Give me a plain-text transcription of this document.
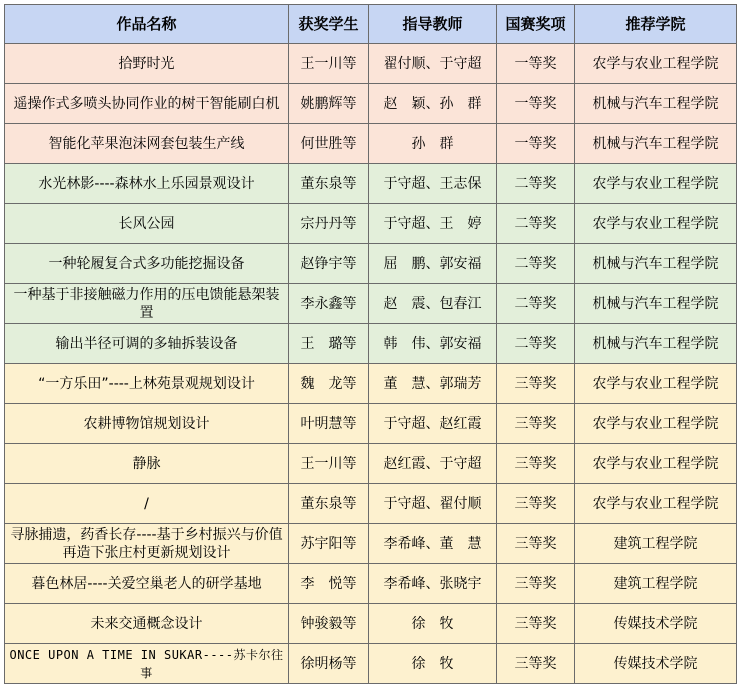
作品名称	获奖学生	指导教师	国赛奖项	推荐学院
拾野时光	王一川等	翟付顺、于守超	一等奖	农学与农业工程学院
遥操作式多喷头协同作业的树干智能刷白机	姚鹏辉等	赵　颖、孙　群	一等奖	机械与汽车工程学院
智能化苹果泡沫网套包装生产线	何世胜等	孙　群	一等奖	机械与汽车工程学院
水光林影----森林水上乐园景观设计	董东泉等	于守超、王志保	二等奖	农学与农业工程学院
长风公园	宗丹丹等	于守超、王　婷	二等奖	农学与农业工程学院
一种轮履复合式多功能挖掘设备	赵铮宇等	屈　鹏、郭安福	二等奖	机械与汽车工程学院
一种基于非接触磁力作用的压电馈能悬架装置	李永鑫等	赵　震、包春江	二等奖	机械与汽车工程学院
输出半径可调的多轴拆装设备	王　璐等	韩　伟、郭安福	二等奖	机械与汽车工程学院
“一方乐田”----上林苑景观规划设计	魏　龙等	董　慧、郭瑞芳	三等奖	农学与农业工程学院
农耕博物馆规划设计	叶明慧等	于守超、赵红霞	三等奖	农学与农业工程学院
静脉	王一川等	赵红霞、于守超	三等奖	农学与农业工程学院
/	董东泉等	于守超、翟付顺	三等奖	农学与农业工程学院
寻脉捕遗，药香长存----基于乡村振兴与价值再造下张庄村更新规划设计	苏宇阳等	李希峰、董　慧	三等奖	建筑工程学院
暮色林居----关爱空巢老人的研学基地	李　悦等	李希峰、张晓宇	三等奖	建筑工程学院
未来交通概念设计	钟骏毅等	徐　牧	三等奖	传媒技术学院
ONCE UPON A TIME IN SUKAR----苏卡尔往事	徐明杨等	徐　牧	三等奖	传媒技术学院
